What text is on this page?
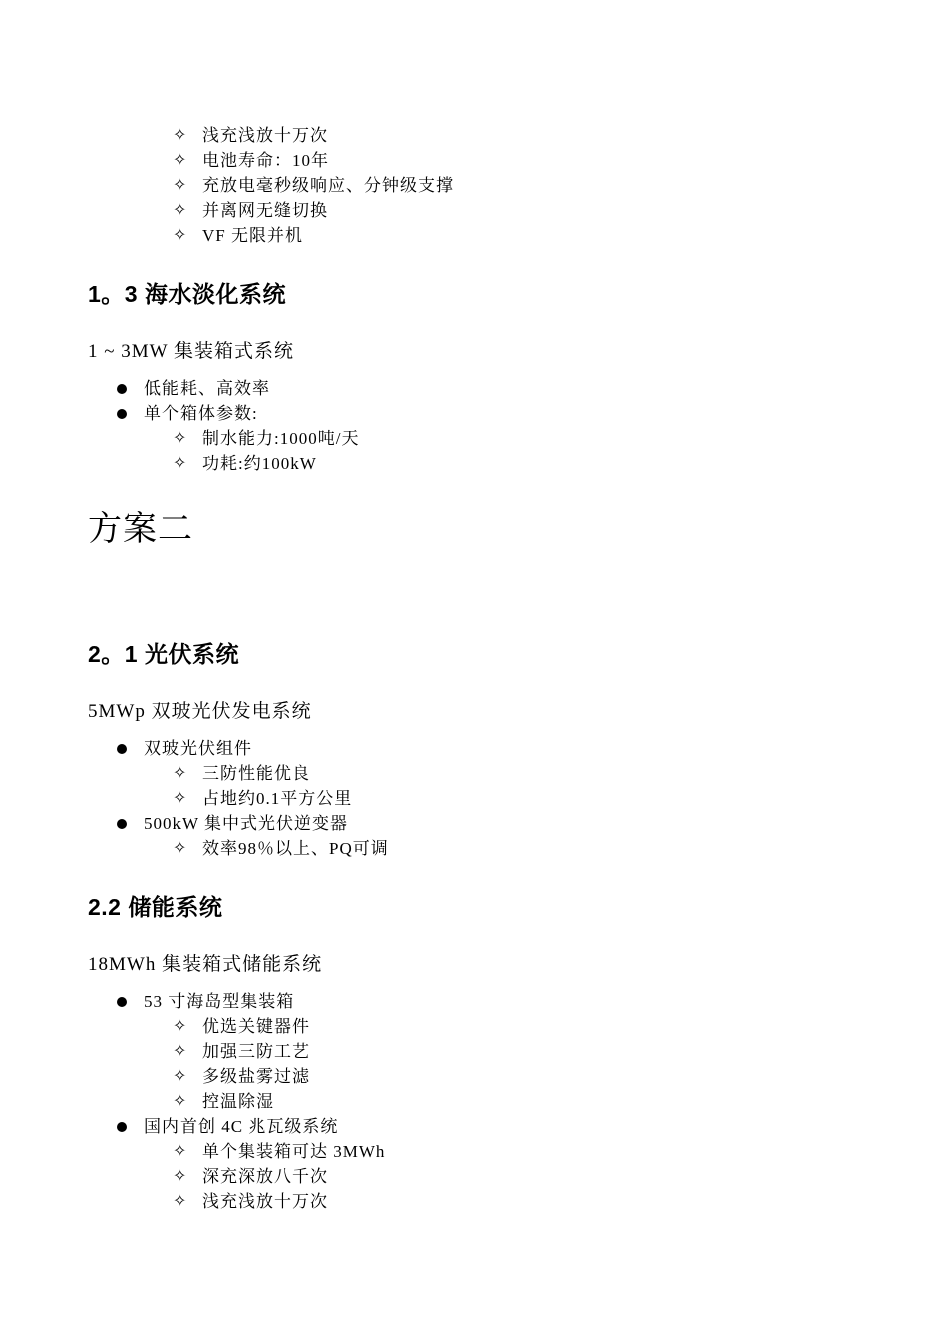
✧ 浅充浅放十万次
✧ 电池寿命：10年
✧ 充放电毫秒级响应、分钟级支撑
✧ 并离网无缝切换
✧ VF 无限并机
1。3 海水淡化系统
1 ~ 3MW 集装箱式系统
低能耗、高效率
单个箱体参数:
✧ 制水能力:1000吨/天
✧ 功耗:约100kW
方案二
2。1 光伏系统
5MWp 双玻光伏发电系统
双玻光伏组件
✧ 三防性能优良
✧ 占地约0.1平方公里
500kW 集中式光伏逆变器
✧ 效率98％以上、PQ可调
2.2 储能系统
18MWh 集装箱式储能系统
53 寸海岛型集装箱
✧ 优选关键器件
✧ 加强三防工艺
✧ 多级盐雾过滤
✧ 控温除湿
国内首创 4C 兆瓦级系统
✧ 单个集装箱可达 3MWh
✧ 深充深放八千次
✧ 浅充浅放十万次
